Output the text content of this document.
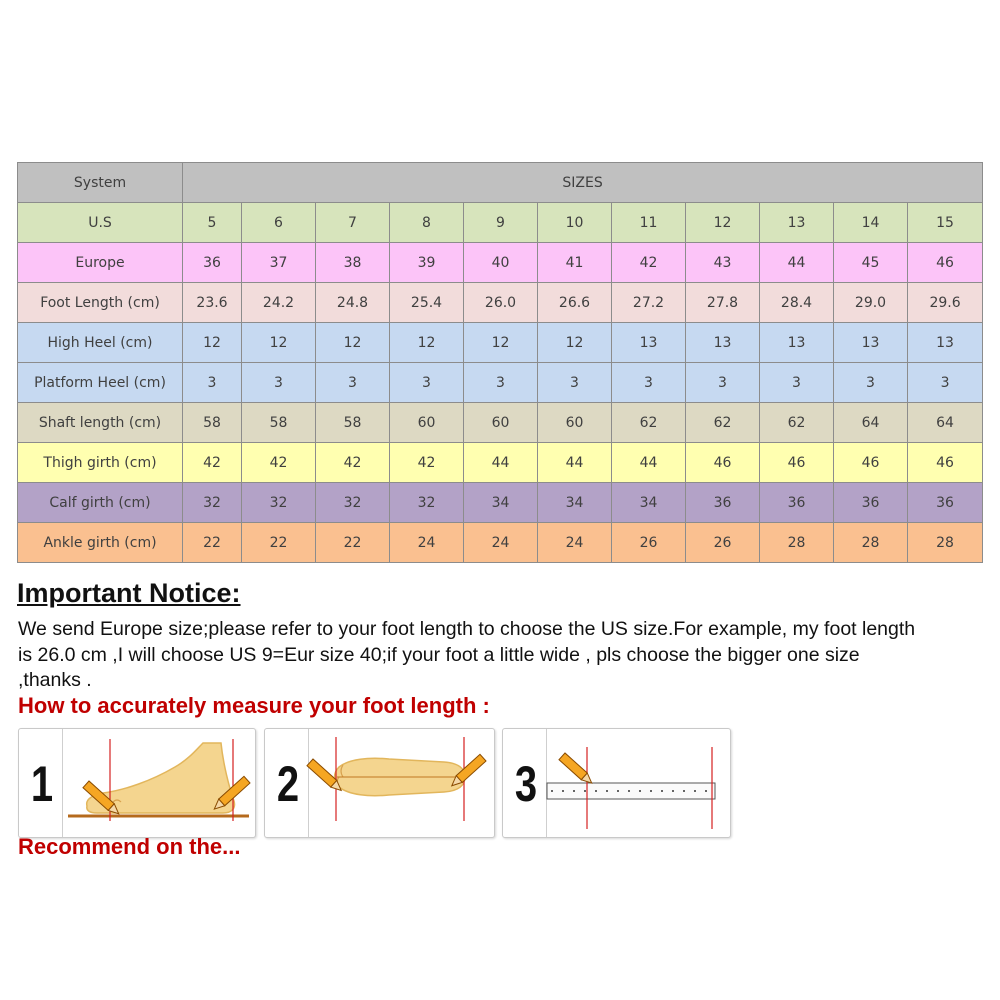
System	SIZES										
U.S	5	6	7	8	9	10	11	12	13	14	15
Europe	36	37	38	39	40	41	42	43	44	45	46
Foot Length (cm)	23.6	24.2	24.8	25.4	26.0	26.6	27.2	27.8	28.4	29.0	29.6
High Heel (cm)	12	12	12	12	12	12	13	13	13	13	13
Platform Heel (cm)	3	3	3	3	3	3	3	3	3	3	3
Shaft length (cm)	58	58	58	60	60	60	62	62	62	64	64
Thigh girth (cm)	42	42	42	42	44	44	44	46	46	46	46
Calf girth (cm)	32	32	32	32	34	34	34	36	36	36	36
Ankle girth (cm)	22	22	22	24	24	24	26	26	28	28	28
Important Notice:

We send Europe size;please refer to your foot length to choose the US size.For example, my foot length is 26.0 cm ,I will choose US 9=Eur size 40;if your foot a little wide , pls choose the bigger one size ,thanks .

How to accurately measure your foot length :
1	2	3
Recommend on the...
